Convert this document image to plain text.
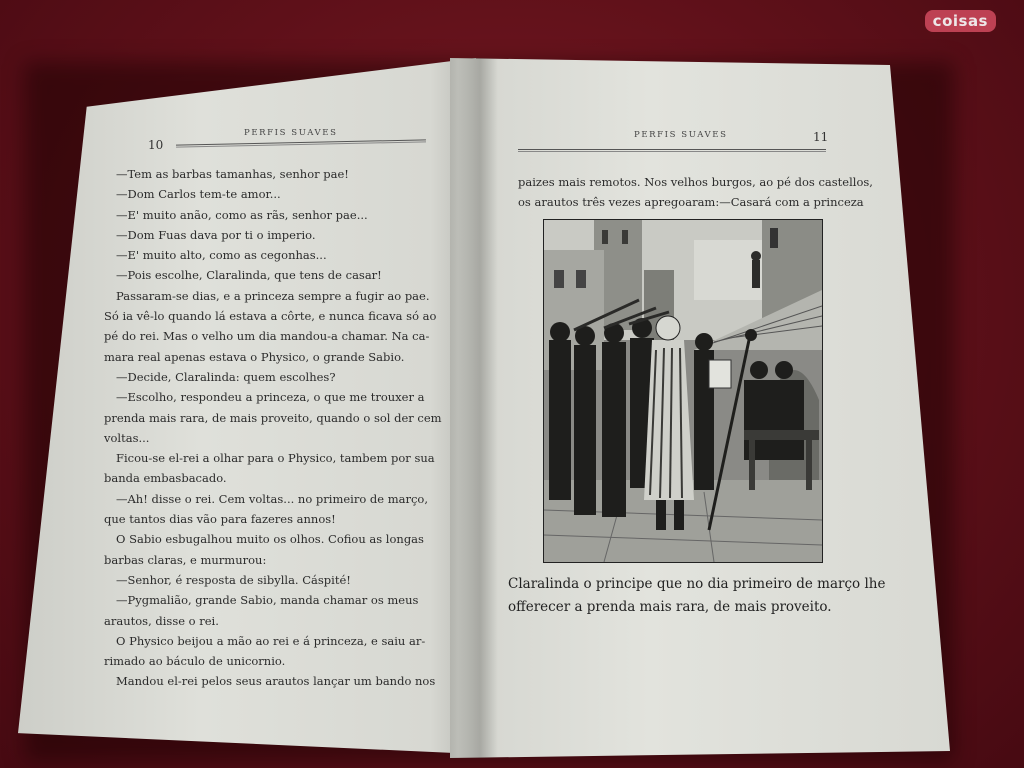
coisas
10
PERFIS SUAVES
—Tem as barbas tamanhas, senhor pae!
—Dom Carlos tem-te amor...
—E' muito anão, como as rãs, senhor pae...
—Dom Fuas dava por ti o imperio.
—E' muito alto, como as cegonhas...
—Pois escolhe, Claralinda, que tens de casar!
Passaram-se dias, e a princeza sempre a fugir ao pae.
Só ia vê-lo quando lá estava a côrte, e nunca ficava só ao
pé do rei. Mas o velho um dia mandou-a chamar. Na ca-
mara real apenas estava o Physico, o grande Sabio.
—Decide, Claralinda: quem escolhes?
—Escolho, respondeu a princeza, o que me trouxer a
prenda mais rara, de mais proveito, quando o sol der cem
voltas...
Ficou-se el-rei a olhar para o Physico, tambem por sua
banda embasbacado.
—Ah! disse o rei. Cem voltas... no primeiro de março,
que tantos dias vão para fazeres annos!
O Sabio esbugalhou muito os olhos. Cofiou as longas
barbas claras, e murmurou:
—Senhor, é resposta de sibylla. Cáspité!
—Pygmalião, grande Sabio, manda chamar os meus
arautos, disse o rei.
O Physico beijou a mão ao rei e á princeza, e saiu ar-
rimado ao báculo de unicornio.
Mandou el-rei pelos seus arautos lançar um bando nos
PERFIS SUAVES	11
paizes mais remotos. Nos velhos burgos, ao pé dos castellos,
os arautos três vezes apregoaram:—Casará com a princeza
Claralinda o principe que no dia primeiro de março lhe
offerecer a prenda mais rara, de mais proveito.
